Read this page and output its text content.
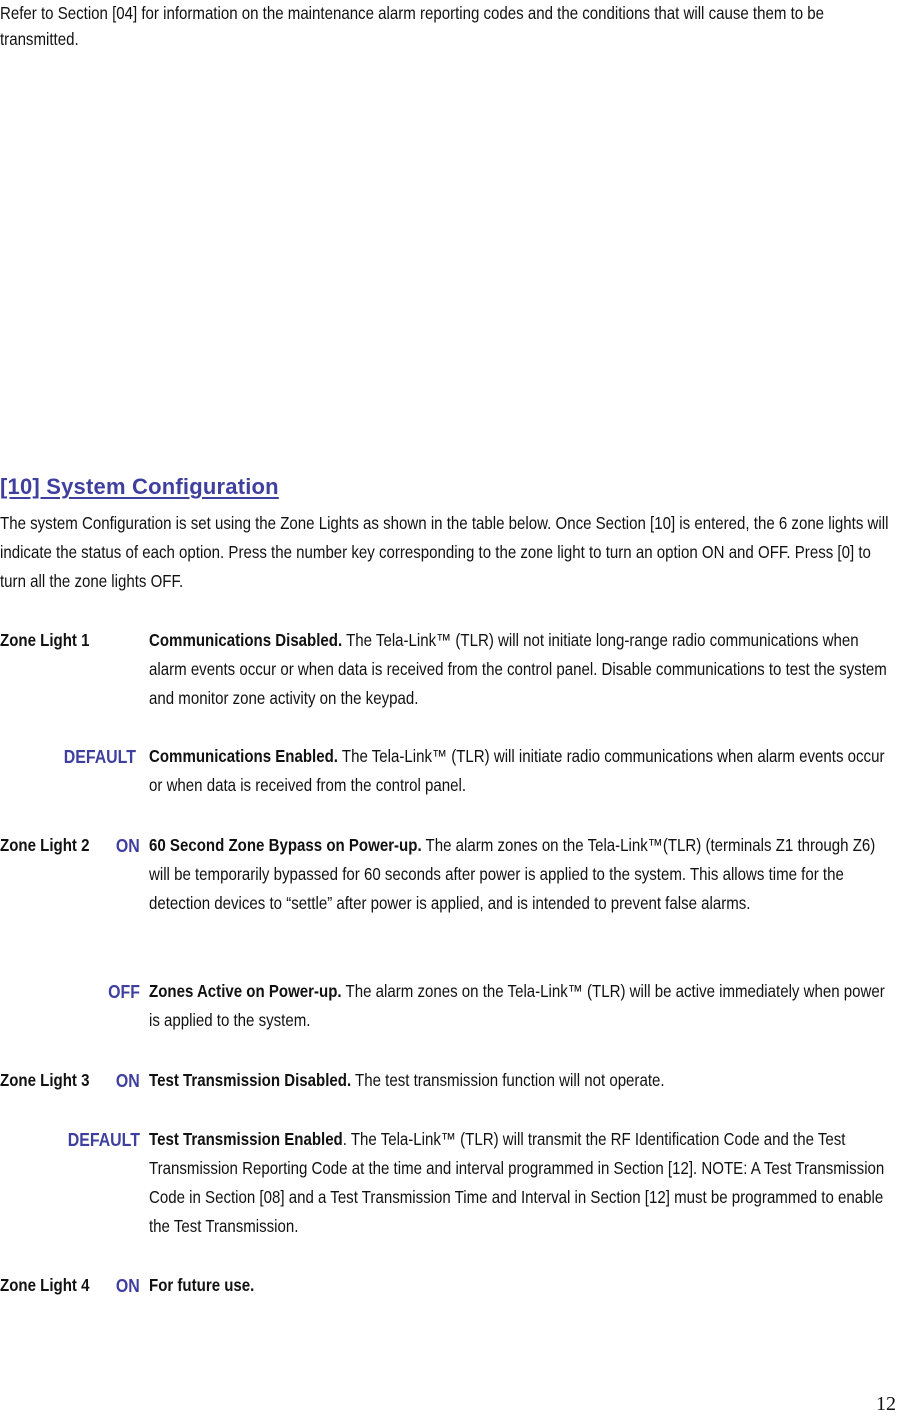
Refer to Section [04] for information on the maintenance alarm reporting codes and the conditions that will cause them to be transmitted.
[10] System Configuration
The system Configuration is set using the Zone Lights as shown in the table below. Once Section [10] is entered, the 6 zone lights will indicate the status of each option. Press the number key corresponding to the zone light to turn an option ON and OFF. Press [0] to turn all the zone lights OFF.
Zone Light 1	Communications Disabled. The Tela-Link™ (TLR) will not initiate long-range radio communications when alarm events occur or when data is received from the control panel. Disable communications to test the system and monitor zone activity on the keypad.
DEFAULT Communications Enabled. The Tela-Link™ (TLR) will initiate radio communications when alarm events occur or when data is received from the control panel.
Zone Light 2 ON 60 Second Zone Bypass on Power-up. The alarm zones on the Tela-Link™(TLR) (terminals Z1 through Z6) will be temporarily bypassed for 60 seconds after power is applied to the system. This allows time for the detection devices to “settle” after power is applied, and is intended to prevent false alarms.
OFF Zones Active on Power-up. The alarm zones on the Tela-Link™ (TLR) will be active immediately when power is applied to the system.
Zone Light 3 ON Test Transmission Disabled. The test transmission function will not operate.
DEFAULT Test Transmission Enabled. The Tela-Link™ (TLR) will transmit the RF Identification Code and the Test Transmission Reporting Code at the time and interval programmed in Section [12]. NOTE: A Test Transmission Code in Section [08] and a Test Transmission Time and Interval in Section [12] must be programmed to enable the Test Transmission.
Zone Light 4 ON For future use.
12
